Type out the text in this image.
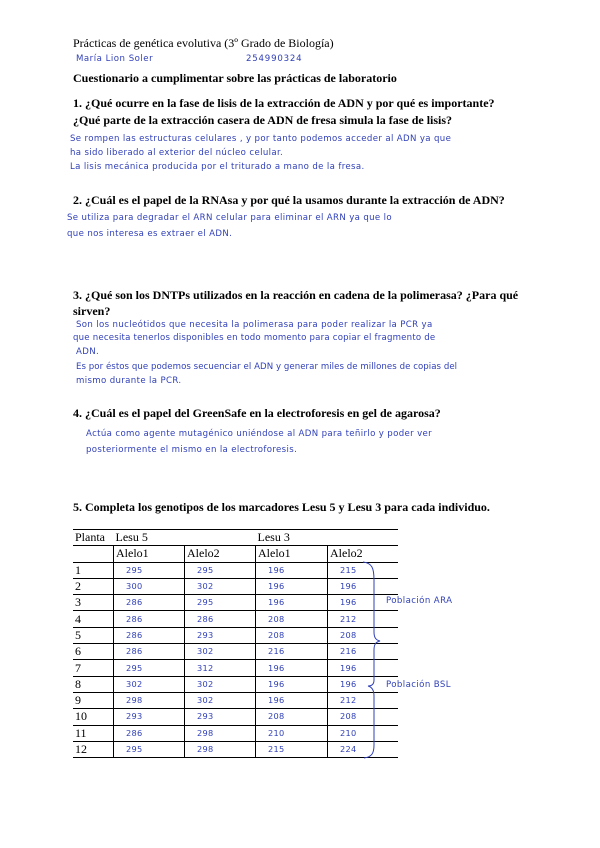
Prácticas de genética evolutiva (3º Grado de Biología)
María Lion Soler	254990324
Cuestionario a cumplimentar sobre las prácticas de laboratorio
1. ¿Qué ocurre en la fase de lisis de la extracción de ADN y por qué es importante?
¿Qué parte de la extracción casera de ADN de fresa simula la fase de lisis?
Se rompen las estructuras celulares , y por tanto podemos acceder al ADN ya que
ha sido liberado al exterior del núcleo celular.
La lisis mecánica producida por el triturado a mano de la fresa.
2. ¿Cuál es el papel de la RNAsa y por qué la usamos durante la extracción de ADN?
Se utiliza para degradar el ARN celular para eliminar el ARN ya que lo
que nos interesa es extraer el ADN.
3. ¿Qué son los DNTPs utilizados en la reacción en cadena de la polimerasa? ¿Para qué
sirven?
Son los nucleótidos que necesita la polimerasa para poder realizar la PCR ya
que necesita tenerlos disponibles en todo momento para copiar el fragmento de
ADN.
Es por éstos que podemos secuenciar el ADN y generar miles de millones de copias del
mismo durante la PCR.
4. ¿Cuál es el papel del GreenSafe en la electroforesis en gel de agarosa?
Actúa como agente mutagénico uniéndose al ADN para teñirlo y poder ver
posteriormente el mismo en la electroforesis.
5. Completa los genotipos de los marcadores Lesu 5 y Lesu 3 para cada individuo.
Planta	Lesu 5		Lesu 3	
	Alelo1	Alelo2	Alelo1	Alelo2
1	295	295	196	215
2	300	302	196	196
3	286	295	196	196
4	286	286	208	212
5	286	293	208	208
6	286	302	216	216
7	295	312	196	196
8	302	302	196	196
9	298	302	196	212
10	293	293	208	208
11	286	298	210	210
12	295	298	215	224
Población ARA
Población BSL
